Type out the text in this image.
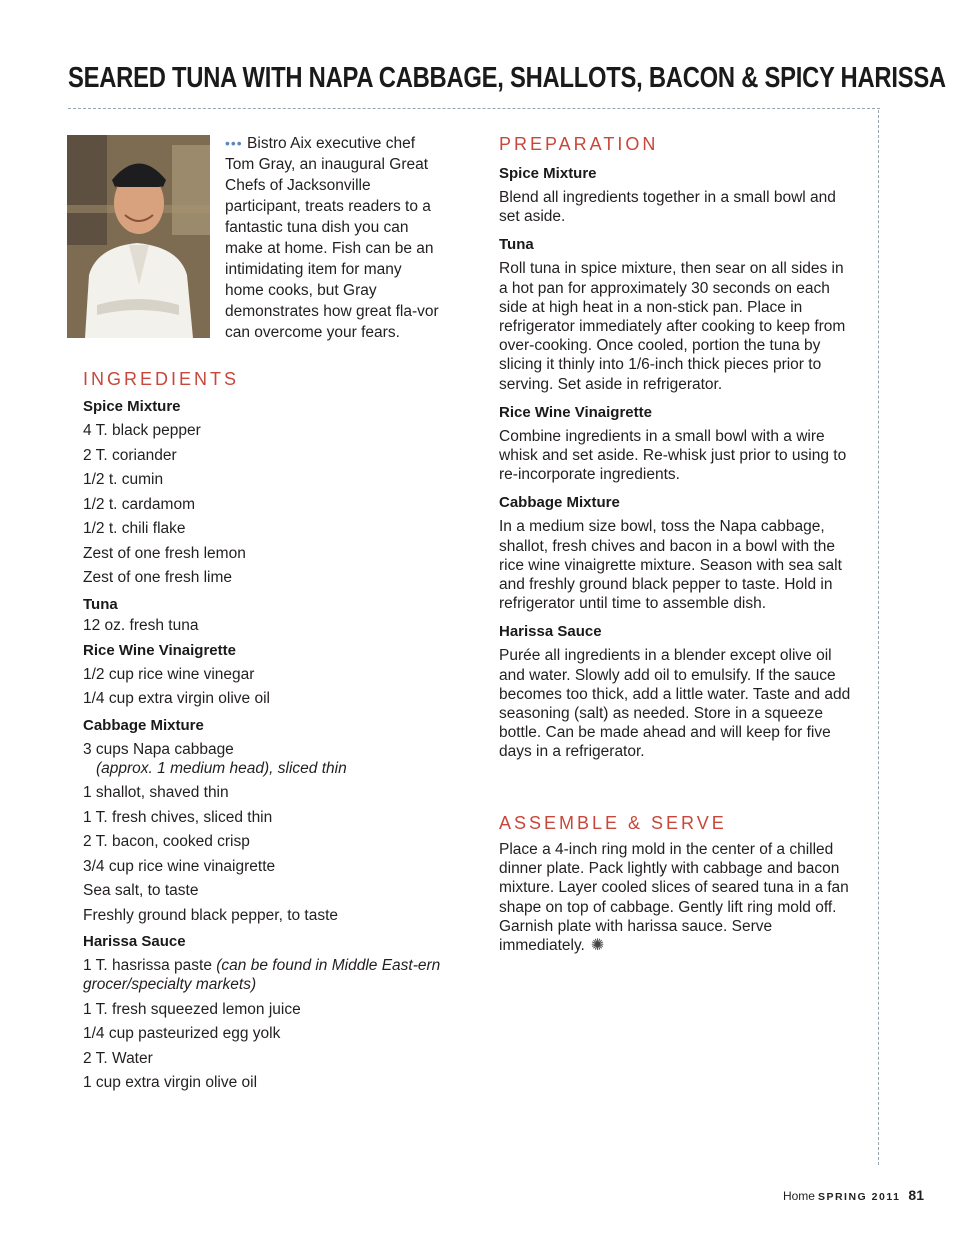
SEARED TUNA WITH NAPA CABBAGE, SHALLOTS, BACON & SPICY HARISSA

••• Bistro Aix executive chef Tom Gray, an inaugural Great Chefs of Jacksonville participant, treats readers to a fantastic tuna dish you can make at home. Fish can be an intimidating item for many home cooks, but Gray demonstrates how great fla-vor can overcome your fears.

INGREDIENTS
Spice Mixture
4 T. black pepper
2 T. coriander
1/2 t. cumin
1/2 t. cardamom
1/2 t. chili flake
Zest of one fresh lemon
Zest of one fresh lime
Tuna
12 oz. fresh tuna
Rice Wine Vinaigrette
1/2 cup rice wine vinegar
1/4 cup extra virgin olive oil
Cabbage Mixture
3 cups Napa cabbage
(approx. 1 medium head), sliced thin
1 shallot, shaved thin
1 T. fresh chives, sliced thin
2 T. bacon, cooked crisp
3/4 cup rice wine vinaigrette
Sea salt, to taste
Freshly ground black pepper, to taste
Harissa Sauce
1 T. hasrissa paste (can be found in Middle East-ern grocer/specialty markets)
1 T. fresh squeezed lemon juice
1/4 cup pasteurized egg yolk
2 T. Water
1 cup extra virgin olive oil
PREPARATION
Spice Mixture

Blend all ingredients together in a small bowl and set aside.

Tuna

Roll tuna in spice mixture, then sear on all sides in a hot pan for approximately 30 seconds on each side at high heat in a non-stick pan. Place in refrigerator immediately after cooking to keep from over-cooking. Once cooled, portion the tuna by slicing it thinly into 1/6-inch thick pieces prior to serving. Set aside in refrigerator.

Rice Wine Vinaigrette

Combine ingredients in a small bowl with a wire whisk and set aside. Re-whisk just prior to using to re-incorporate ingredients.

Cabbage Mixture

In a medium size bowl, toss the Napa cabbage, shallot, fresh chives and bacon in a bowl with the rice wine vinaigrette mixture. Season with sea salt and freshly ground black pepper to taste. Hold in refrigerator until time to assemble dish.

Harissa Sauce

Purée all ingredients in a blender except olive oil and water. Slowly add oil to emulsify. If the sauce becomes too thick, add a little water. Taste and add seasoning (salt) as needed. Store in a squeeze bottle. Can be made ahead and will keep for five days in a refrigerator.

ASSEMBLE & SERVE

Place a 4-inch ring mold in the center of a chilled dinner plate. Pack lightly with cabbage and bacon mixture. Layer cooled slices of seared tuna in a fan shape on top of cabbage. Gently lift ring mold off. Garnish plate with harissa sauce. Serve immediately. ✺

Home SPRING 2011 81
